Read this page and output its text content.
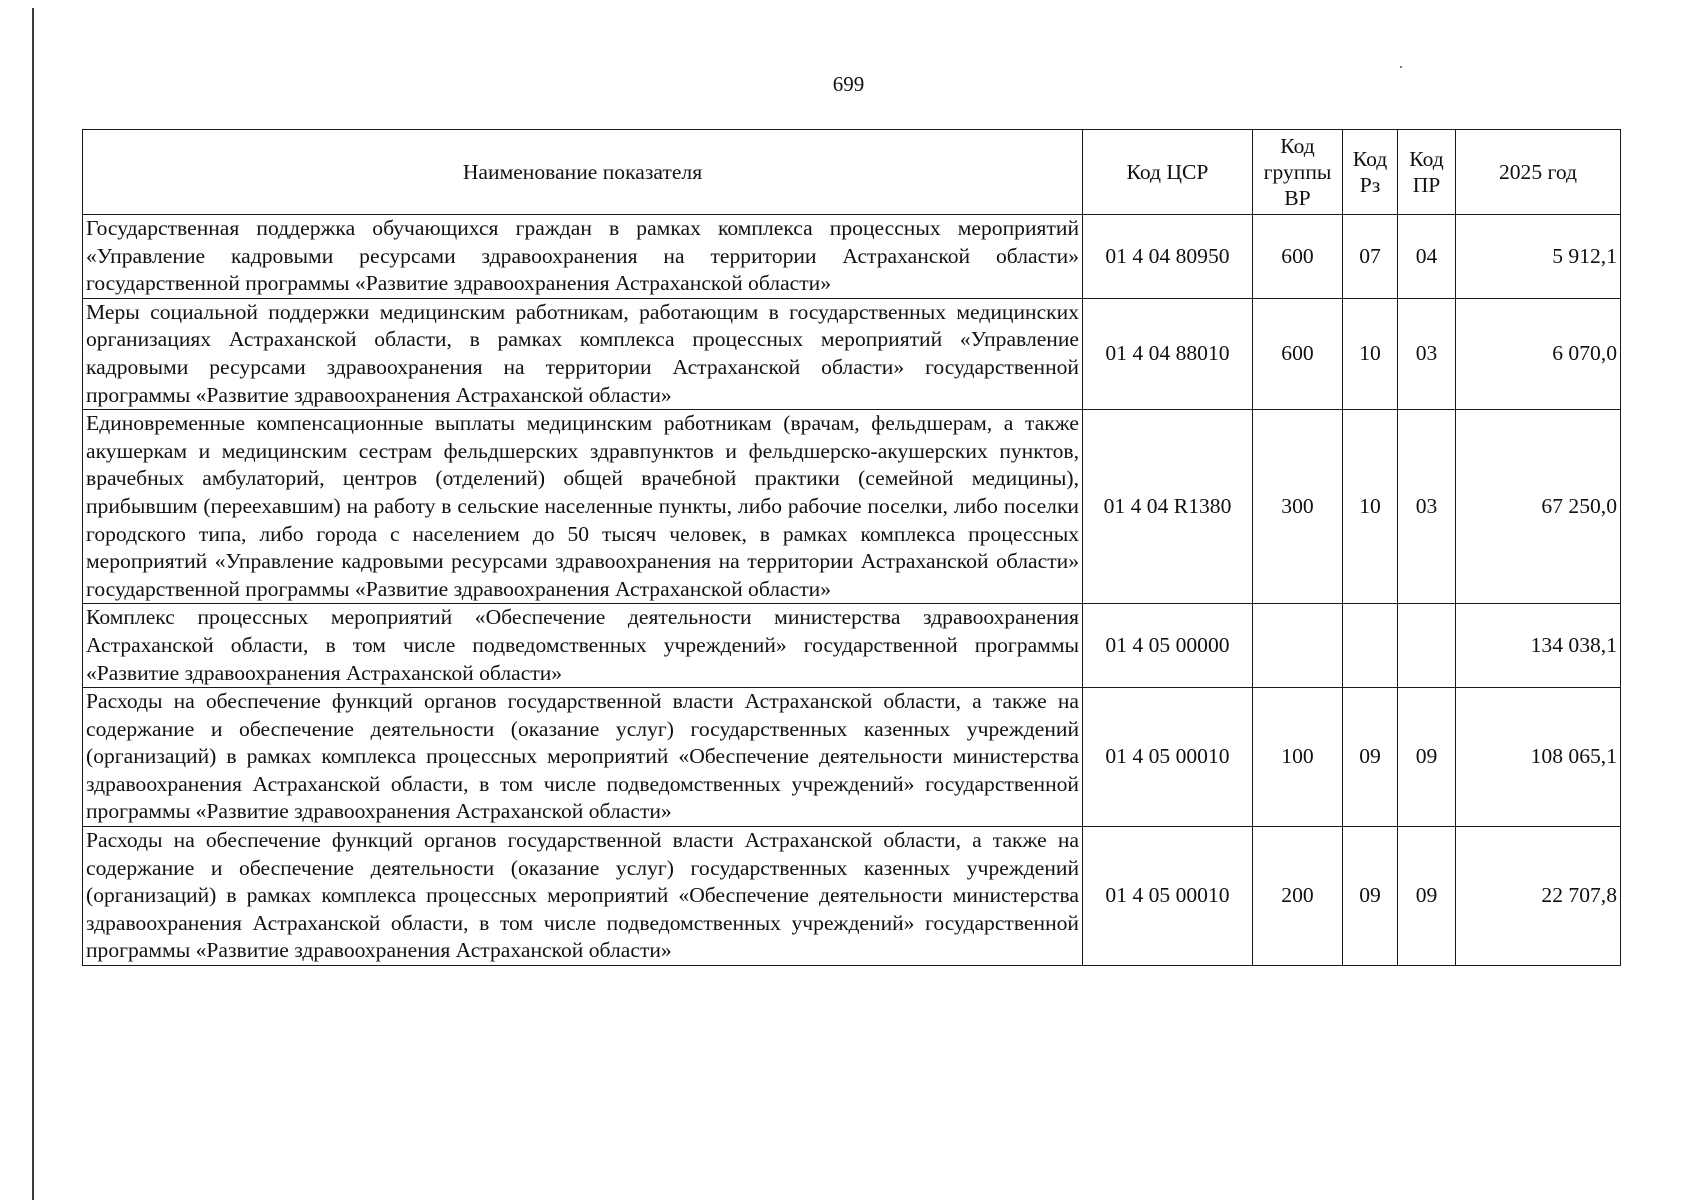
699
Наименование показателя	Код ЦСР	Код группы ВР	Код Рз	Код ПР	2025 год
Государственная поддержка обучающихся граждан в рамках комплекса процессных мероприятий «Управление кадровыми ресурсами здравоохранения на территории Астраханской области» государственной программы «Развитие здравоохранения Астраханской области»	01 4 04 80950	600	07	04	5 912,1
Меры социальной поддержки медицинским работникам, работающим в государственных медицинских организациях Астраханской области, в рамках комплекса процессных мероприятий «Управление кадровыми ресурсами здравоохранения на территории Астраханской области» государственной программы «Развитие здравоохранения Астраханской области»	01 4 04 88010	600	10	03	6 070,0
Единовременные компенсационные выплаты медицинским работникам (врачам, фельдшерам, а также акушеркам и медицинским сестрам фельдшерских здравпунктов и фельдшерско-акушерских пунктов, врачебных амбулаторий, центров (отделений) общей врачебной практики (семейной медицины), прибывшим (переехавшим) на работу в сельские населенные пункты, либо рабочие поселки, либо поселки городского типа, либо города с населением до 50 тысяч человек, в рамках комплекса процессных мероприятий «Управление кадровыми ресурсами здравоохранения на территории Астраханской области» государственной программы «Развитие здравоохранения Астраханской области»	01 4 04 R1380	300	10	03	67 250,0
Комплекс процессных мероприятий «Обеспечение деятельности министерства здравоохранения Астраханской области, в том числе подведомственных учреждений» государственной программы «Развитие здравоохранения Астраханской области»	01 4 05 00000				134 038,1
Расходы на обеспечение функций органов государственной власти Астраханской области, а также на содержание и обеспечение деятельности (оказание услуг) государственных казенных учреждений (организаций) в рамках комплекса процессных мероприятий «Обеспечение деятельности министерства здравоохранения Астраханской области, в том числе подведомственных учреждений» государственной программы «Развитие здравоохранения Астраханской области»	01 4 05 00010	100	09	09	108 065,1
Расходы на обеспечение функций органов государственной власти Астраханской области, а также на содержание и обеспечение деятельности (оказание услуг) государственных казенных учреждений (организаций) в рамках комплекса процессных мероприятий «Обеспечение деятельности министерства здравоохранения Астраханской области, в том числе подведомственных учреждений» государственной программы «Развитие здравоохранения Астраханской области»	01 4 05 00010	200	09	09	22 707,8
